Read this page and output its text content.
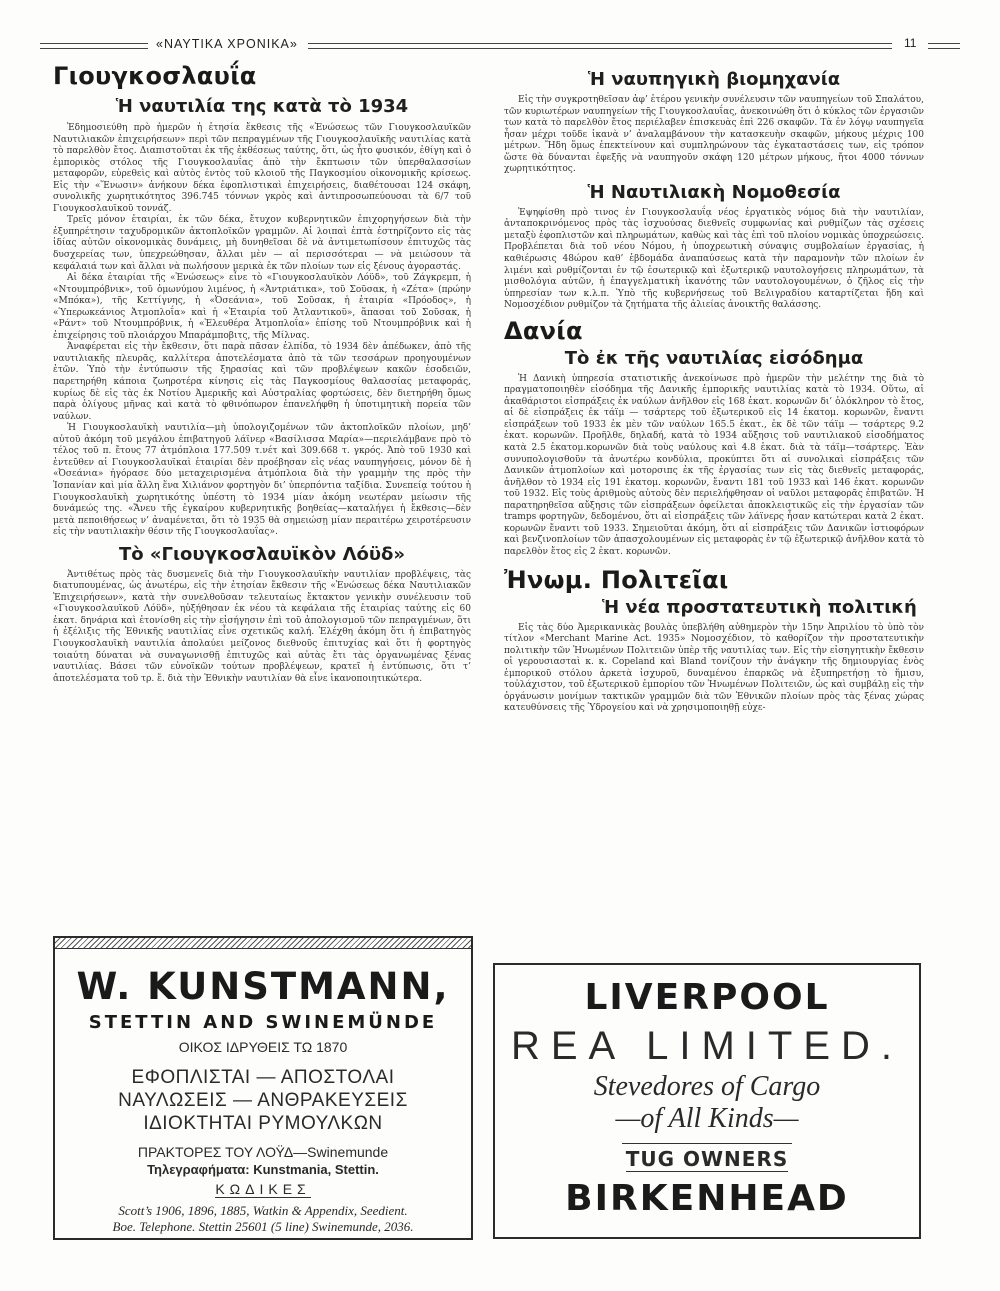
«ΝΑΥΤΙΚΑ ΧΡΟΝΙΚΑ»	11
Γιουγκοσλαυΐα
Ἡ ναυτιλία της κατὰ τὸ 1934

Ἐδημοσιεύθη πρὸ ἡμερῶν ἡ ἐτησία ἔκθεσις τῆς «Ἑνώσεως τῶν Γιουγκοσλαυϊκῶν Ναυτιλιακῶν ἐπιχειρήσεων» περὶ τῶν πεπραγμένων τῆς Γιουγκοσλαυϊκῆς ναυτιλίας κατὰ τὸ παρελθὸν ἔτος. Διαπιστοῦται ἐκ τῆς ἐκθέσεως ταύτης, ὅτι, ὡς ἦτο φυσικόν, ἐθίγη καὶ ὁ ἐμπορικὸς στόλος τῆς Γιουγκοσλαυΐας ἀπὸ τὴν ἔκπτωσιν τῶν ὑπερθαλασσίων μεταφορῶν, εὑρεθεὶς καὶ αὐτὸς ἐντὸς τοῦ κλοιοῦ τῆς Παγκοσμίου οἰκονομικῆς κρίσεως. Εἰς τὴν «Ἕνωσιν» ἀνήκουν δέκα ἐφοπλιστικαὶ ἐπιχειρήσεις, διαθέτουσαι 124 σκάφη, συνολικῆς χωρητικότητος 396.745 τόννων γκρὸς καὶ ἀντιπροσωπεύουσαι τὰ 6/7 τοῦ Γιουγκοσλαυϊκοῦ τοννάζ.

Τρεῖς μόνον ἑταιρίαι, ἐκ τῶν δέκα, ἔτυχον κυβερνητικῶν ἐπιχορηγήσεων διὰ τὴν ἐξυπηρέτησιν ταχυδρομικῶν ἀκτοπλοϊκῶν γραμμῶν. Αἱ λοιπαὶ ἑπτὰ ἐστηρίζοντο εἰς τὰς ἰδίας αὐτῶν οἰκονομικὰς δυνάμεις, μὴ δυνηθεῖσαι δὲ νὰ ἀντιμετωπίσουν ἐπιτυχῶς τὰς δυσχερείας των, ὑπεχρεώθησαν, ἄλλαι μὲν — αἱ περισσότεραι — νὰ μειώσουν τὰ κεφάλαιά των καὶ ἄλλαι νὰ πωλήσουν μερικὰ ἐκ τῶν πλοίων των εἰς ξένους ἀγοραστάς.

Αἱ δέκα ἑταιρίαι τῆς «Ἑνώσεως» εἶνε τὸ «Γιουγκοσλαυϊκὸν Λόϋδ», τοῦ Ζάγκρεμπ, ἡ «Ντουμπρόβνικ», τοῦ ὁμωνύμου λιμένος, ἡ «Ἀντριάτικα», τοῦ Σοῦσακ, ἡ «Ζέτα» (πρώην «Μπόκα»), τῆς Κεττίγνης, ἡ «Ὀσεάνια», τοῦ Σοῦσακ, ἡ ἑταιρία «Πρόοδος», ἡ «Ὑπερωκεάνιος Ἀτμοπλοΐα» καὶ ἡ «Ἑταιρία τοῦ Ἀτλαντικοῦ», ἅπασαι τοῦ Σοῦσακ, ἡ «Ράντ» τοῦ Ντουμπρόβνικ, ἡ «Ἐλευθέρα Ἀτμοπλοΐα» ἐπίσης τοῦ Ντουμπρόβνικ καὶ ἡ ἐπιχείρησις τοῦ πλοιάρχου Μπαράμποβιτς, τῆς Μίλνας.

Ἀναφέρεται εἰς τὴν ἔκθεσιν, ὅτι παρὰ πᾶσαν ἐλπίδα, τὸ 1934 δὲν ἀπέδωκεν, ἀπὸ τῆς ναυτιλιακῆς πλευρᾶς, καλλίτερα ἀποτελέσματα ἀπὸ τὰ τῶν τεσσάρων προηγουμένων ἐτῶν. Ὑπὸ τὴν ἐντύπωσιν τῆς ξηρασίας καὶ τῶν προβλέψεων κακῶν ἐσοδειῶν, παρετηρήθη κάποια ζωηροτέρα κίνησις εἰς τὰς Παγκοσμίους θαλασσίας μεταφοράς, κυρίως δὲ εἰς τὰς ἐκ Νοτίου Ἀμερικῆς καὶ Αὐστραλίας φορτώσεις, δὲν διετηρήθη ὅμως παρὰ ὀλίγους μῆνας καὶ κατὰ τὸ φθινόπωρον ἐπανελήφθη ἡ ὑποτιμητικὴ πορεία τῶν ναύλων.

Ἡ Γιουγκοσλαυϊκὴ ναυτιλία—μὴ ὑπολογιζομένων τῶν ἀκτοπλοϊκῶν πλοίων, μηδ’ αὐτοῦ ἀκόμη τοῦ μεγάλου ἐπιβατηγοῦ λάϊνερ «Βασίλισσα Μαρία»—περιελάμβανε πρὸ τὸ τέλος τοῦ π. ἔτους 77 ἀτμόπλοια 177.509 τ.νέτ καὶ 309.668 τ. γκρός. Ἀπὸ τοῦ 1930 καὶ ἐντεῦθεν αἱ Γιουγκοσλαυϊκαὶ ἑταιρίαι δὲν προέβησαν εἰς νέας ναυπηγήσεις, μόνον δὲ ἡ «Ὀσεάνια» ἠγόρασε δύο μεταχειρισμένα ἀτμόπλοια διὰ τὴν γραμμὴν της πρὸς τὴν Ἱσπανίαν καὶ μία ἄλλη ἕνα Χιλιάνον φορτηγὸν δι’ ὑπερπόντια ταξίδια. Συνεπείᾳ τούτου ἡ Γιουγκοσλαυϊκὴ χωρητικότης ὑπέστη τὸ 1934 μίαν ἀκόμη νεωτέραν μείωσιν τῆς δυνάμεώς της. «Ἄνευ τῆς ἐγκαίρου κυβερνητικῆς βοηθείας—καταλήγει ἡ ἔκθεσις—δὲν μετὰ πεποιθήσεως ν’ ἀναμένεται, ὅτι τὸ 1935 θὰ σημειώσῃ μίαν περαιτέρω χειροτέρευσιν εἰς τὴν ναυτιλιακὴν θέσιν τῆς Γιουγκοσλαυΐας».

Τὸ «Γιουγκοσλαυϊκὸν Λόϋδ»

Ἀντιθέτως πρὸς τὰς δυσμενεῖς διὰ τὴν Γιουγκοσλαυϊκὴν ναυτιλίαν προβλέψεις, τὰς διατυπουμένας, ὡς ἀνωτέρω, εἰς τὴν ἐτησίαν ἔκθεσιν τῆς «Ἑνώσεως δέκα Ναυτιλιακῶν Ἐπιχειρήσεων», κατὰ τὴν συνελθοῦσαν τελευταίως ἔκτακτον γενικὴν συνέλευσιν τοῦ «Γιουγκοσλαυϊκοῦ Λόϋδ», ηὐξήθησαν ἐκ νέου τὰ κεφάλαια τῆς ἑταιρίας ταύτης εἰς 60 ἑκατ. δηνάρια καὶ ἐτονίσθη εἰς τὴν εἰσήγησιν ἐπὶ τοῦ ἀπολογισμοῦ τῶν πεπραγμένων, ὅτι ἡ ἐξέλιξις τῆς Ἐθνικῆς ναυτιλίας εἶνε σχετικῶς καλή. Ἐλέχθη ἀκόμη ὅτι ἡ ἐπιβατηγὸς Γιουγκοσλαυϊκὴ ναυτιλία ἀπολαύει μείζονος διεθνοῦς ἐπιτυχίας καὶ ὅτι ἡ φορτηγὸς τοιαύτη δύναται νὰ συναγωνισθῇ ἐπιτυχῶς καὶ αὐτὰς ἔτι τὰς ὀργανωμένας ξένας ναυτιλίας. Βάσει τῶν εὐνοϊκῶν τούτων προβλέψεων, κρατεῖ ἡ ἐντύπωσις, ὅτι τ’ ἀποτελέσματα τοῦ τρ. ἔ. διὰ τὴν Ἐθνικὴν ναυτιλίαν θὰ εἶνε ἱκανοποιητικώτερα.

Ἡ ναυπηγικὴ βιομηχανία

Εἰς τὴν συγκροτηθεῖσαν ἀφ’ ἑτέρου γενικὴν συνέλευσιν τῶν ναυπηγείων τοῦ Σπαλάτου, τῶν κυριωτέρων ναυπηγείων τῆς Γιουγκοσλαυΐας, ἀνεκοινώθη ὅτι ὁ κύκλος τῶν ἐργασιῶν των κατὰ τὸ παρελθὸν ἔτος περιέλαβεν ἐπισκευὰς ἐπὶ 226 σκαφῶν. Τὰ ἐν λόγῳ ναυπηγεῖα ἦσαν μέχρι τοῦδε ἱκανὰ ν’ ἀναλαμβάνουν τὴν κατασκευὴν σκαφῶν, μήκους μέχρις 100 μέτρων. Ἤδη ὅμως ἐπεκτείνουν καὶ συμπληρώνουν τὰς ἐγκαταστάσεις των, εἰς τρόπον ὥστε θὰ δύνανται ἐφεξῆς νὰ ναυπηγοῦν σκάφη 120 μέτρων μήκους, ἤτοι 4000 τόννων χωρητικότητος.

Ἡ Ναυτιλιακὴ Νομοθεσία

Ἐψηφίσθη πρὸ τινος ἐν Γιουγκοσλαυΐᾳ νέος ἐργατικὸς νόμος διὰ τὴν ναυτιλίαν, ἀνταποκρινόμενος πρὸς τὰς ἰσχυούσας διεθνεῖς συμφωνίας καὶ ρυθμίζων τὰς σχέσεις μεταξὺ ἐφοπλιστῶν καὶ πληρωμάτων, καθὼς καὶ τὰς ἐπὶ τοῦ πλοίου νομικὰς ὑποχρεώσεις. Προβλέπεται διὰ τοῦ νέου Νόμου, ἡ ὑποχρεωτικὴ σύναψις συμβολαίων ἐργασίας, ἡ καθιέρωσις 48ώρου καθ’ ἑβδομάδα ἀναπαύσεως κατὰ τὴν παραμονὴν τῶν πλοίων ἐν λιμένι καὶ ρυθμίζονται ἐν τῷ ἐσωτερικῷ καὶ ἐξωτερικῷ ναυτολογήσεις πληρωμάτων, τὰ μισθολόγια αὐτῶν, ἡ ἐπαγγελματικὴ ἱκανότης τῶν ναυτολογουμένων, ὁ ζῆλος εἰς τὴν ὑπηρεσίαν των κ.λ.π. Ὑπὸ τῆς κυβερνήσεως τοῦ Βελιγραδίου καταρτίζεται ἤδη καὶ Νομοσχέδιον ρυθμίζον τὰ ζητήματα τῆς ἁλιείας ἀνοικτῆς θαλάσσης.

Δανία
Τὸ ἐκ τῆς ναυτιλίας εἰσόδημα

Ἡ Δανικὴ ὑπηρεσία στατιστικῆς ἀνεκοίνωσε πρὸ ἡμερῶν τὴν μελέτην της διὰ τὸ πραγματοποιηθὲν εἰσόδημα τῆς Δανικῆς ἐμπορικῆς ναυτιλίας κατὰ τὸ 1934. Οὕτω, αἱ ἀκαθάριστοι εἰσπράξεις ἐκ ναύλων ἀνῆλθον εἰς 168 ἑκατ. κορωνῶν δι’ ὁλόκληρον τὸ ἔτος, αἱ δὲ εἰσπράξεις ἐκ τάϊμ — τσάρτερς τοῦ ἐξωτερικοῦ εἰς 14 ἑκατομ. κορωνῶν, ἔναντι εἰσπράξεων τοῦ 1933 ἐκ μὲν τῶν ναύλων 165.5 ἑκατ., ἐκ δὲ τῶν τάϊμ — τσάρτερς 9.2 ἑκατ. κορωνῶν. Προῆλθε, δηλαδή, κατὰ τὸ 1934 αὔξησις τοῦ ναυτιλιακοῦ εἰσοδήματος κατὰ 2.5 ἑκατομ.κορωνῶν διὰ τοὺς ναύλους καὶ 4.8 ἑκατ. διὰ τὰ τάϊμ—τσάρτερς. Ἐὰν συνυπολογισθοῦν τὰ ἀνωτέρω κονδύλια, προκύπτει ὅτι αἱ συνολικαὶ εἰσπράξεις τῶν Δανικῶν ἀτμοπλοίων καὶ μοτορσιπς ἐκ τῆς ἐργασίας των εἰς τὰς διεθνεῖς μεταφοράς, ἀνῆλθον τὸ 1934 εἰς 191 ἑκατομ. κορωνῶν, ἔναντι 181 τοῦ 1933 καὶ 146 ἑκατ. κορωνῶν τοῦ 1932. Εἰς τοὺς ἀριθμοὺς αὐτοὺς δὲν περιελήφθησαν οἱ ναῦλοι μεταφορᾶς ἐπιβατῶν. Ἡ παρατηρηθεῖσα αὔξησις τῶν εἰσπράξεων ὀφείλεται ἀποκλειστικῶς εἰς τὴν ἐργασίαν τῶν tramps φορτηγῶν, δεδομένου, ὅτι αἱ εἰσπράξεις τῶν λάϊνερς ἦσαν κατώτεραι κατὰ 2 ἑκατ. κορωνῶν ἔναντι τοῦ 1933. Σημειοῦται ἀκόμη, ὅτι αἱ εἰσπράξεις τῶν Δανικῶν ἱστιοφόρων καὶ βενζινοπλοίων τῶν ἀπασχολουμένων εἰς μεταφορὰς ἐν τῷ ἐξωτερικῷ ἀνῆλθον κατὰ τὸ παρελθὸν ἔτος εἰς 2 ἑκατ. κορωνῶν.

Ἠνωμ. Πολιτεῖαι
Ἡ νέα προστατευτικὴ πολιτική

Εἰς τὰς δύο Ἀμερικανικὰς βουλὰς ὑπεβλήθη αὐθημερὸν τὴν 15ην Ἀπριλίου τὸ ὑπὸ τὸν τίτλον «Merchant Marine Act. 1935» Νομοσχέδιον, τὸ καθορίζον τὴν προστατευτικὴν πολιτικὴν τῶν Ἡνωμένων Πολιτειῶν ὑπὲρ τῆς ναυτιλίας των. Εἰς τὴν εἰσηγητικὴν ἔκθεσιν οἱ γερουσιασταὶ κ. κ. Copeland καὶ Bland τονίζουν τὴν ἀνάγκην τῆς δημιουργίας ἑνὸς ἐμπορικοῦ στόλου ἀρκετὰ ἰσχυροῦ, δυναμένου ἐπαρκῶς νὰ ἐξυπηρετήσῃ τὸ ἥμισυ, τοὐλάχιστον, τοῦ ἐξωτερικοῦ ἐμπορίου τῶν Ἡνωμένων Πολιτειῶν, ὡς καὶ συμβάλῃ εἰς τὴν ὀργάνωσιν μονίμων τακτικῶν γραμμῶν διὰ τῶν Ἐθνικῶν πλοίων πρὸς τὰς ξένας χώρας κατευθύνσεις τῆς Ὑδρογείου καὶ νὰ χρησιμοποιηθῇ εὐχε-

W. KUNSTMANN,
STETTIN AND SWINEMÜNDE
ΟΙΚΟΣ ΙΔΡΥΘΕΙΣ ΤΩ 1870
ΕΦΟΠΛΙΣΤΑΙ — ΑΠΟΣΤΟΛΑΙ
ΝΑΥΛΩΣΕΙΣ — ΑΝΘΡΑΚΕΥΣΕΙΣ
ΙΔΙΟΚΤΗΤΑΙ ΡΥΜΟΥΛΚΩΝ
ΠΡΑΚΤΟΡΕΣ ΤΟΥ ΛΟΫΔ—Swinemunde
Τηλεγραφήματα: Kunstmania, Stettin.
ΚΩΔΙΚΕΣ
Scott’s 1906, 1896, 1885, Watkin & Appendix, Seedient.
Boe. Telephone. Stettin 25601 (5 line) Swinemunde, 2036.
LIVERPOOL
REA LIMITED.
Stevedores of Cargo
—of All Kinds—
TUG OWNERS
BIRKENHEAD
